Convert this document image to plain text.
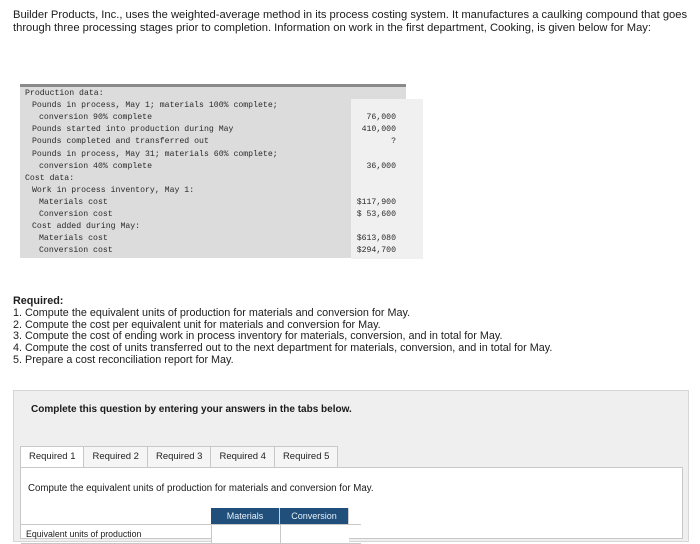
Builder Products, Inc., uses the weighted-average method in its process costing system. It manufactures a caulking compound that goes through three processing stages prior to completion. Information on work in the first department, Cooking, is given below for May:
Production data:
Pounds in process, May 1; materials 100% complete;
conversion 90% complete	76,000
Pounds started into production during May	410,000
Pounds completed and transferred out	?
Pounds in process, May 31; materials 60% complete;
conversion 40% complete	36,000
Cost data:
Work in process inventory, May 1:
Materials cost	$117,900
Conversion cost	$ 53,600
Cost added during May:
Materials cost	$613,080
Conversion cost	$294,700
Required:
1. Compute the equivalent units of production for materials and conversion for May.
2. Compute the cost per equivalent unit for materials and conversion for May.
3. Compute the cost of ending work in process inventory for materials, conversion, and in total for May.
4. Compute the cost of units transferred out to the next department for materials, conversion, and in total for May.
5. Prepare a cost reconciliation report for May.
Complete this question by entering your answers in the tabs below.
Required 1	Required 2	Required 3	Required 4	Required 5
Compute the equivalent units of production for materials and conversion for May.
Materials	Conversion
Equivalent units of production
